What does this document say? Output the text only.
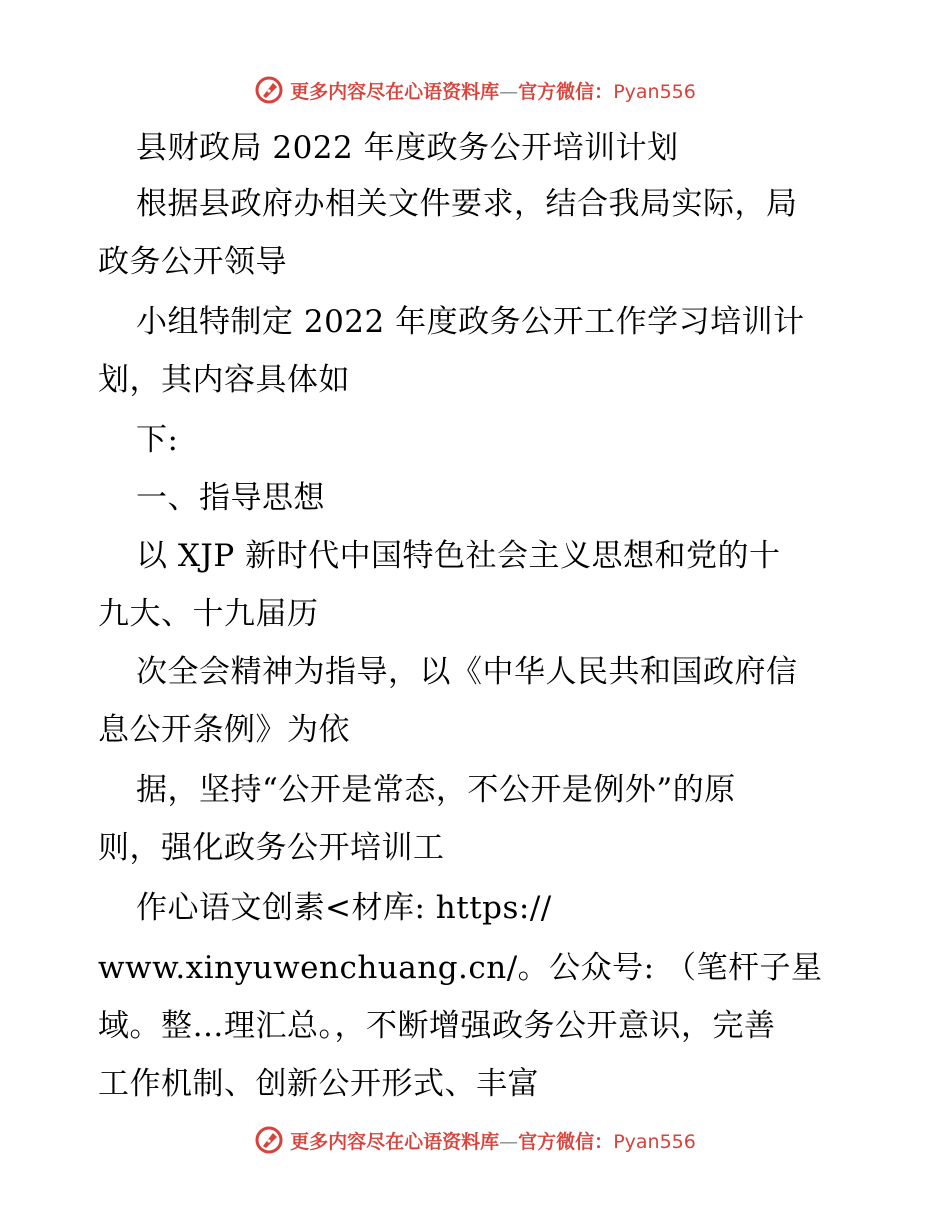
更多内容尽在心语资料库—官方微信：Pyan556
县财政局 2022 年度政务公开培训计划
根据县政府办相关文件要求，结合我局实际，局
政务公开领导
小组特制定 2022 年度政务公开工作学习培训计
划，其内容具体如
下:
一、指导思想
以 XJP 新时代中国特色社会主义思想和党的十
九大、十九届历
次全会精神为指导，以《中华人民共和国政府信
息公开条例》为依
据，坚持“公开是常态，不公开是例外”的原
则，强化政务公开培训工
作心语文创素<材库: https://
www.xinyuwenchuang.cn/。公众号: （笔杆子星
域。整…理汇总。，不断增强政务公开意识，完善
工作机制、创新公开形式、丰富
更多内容尽在心语资料库—官方微信：Pyan556
